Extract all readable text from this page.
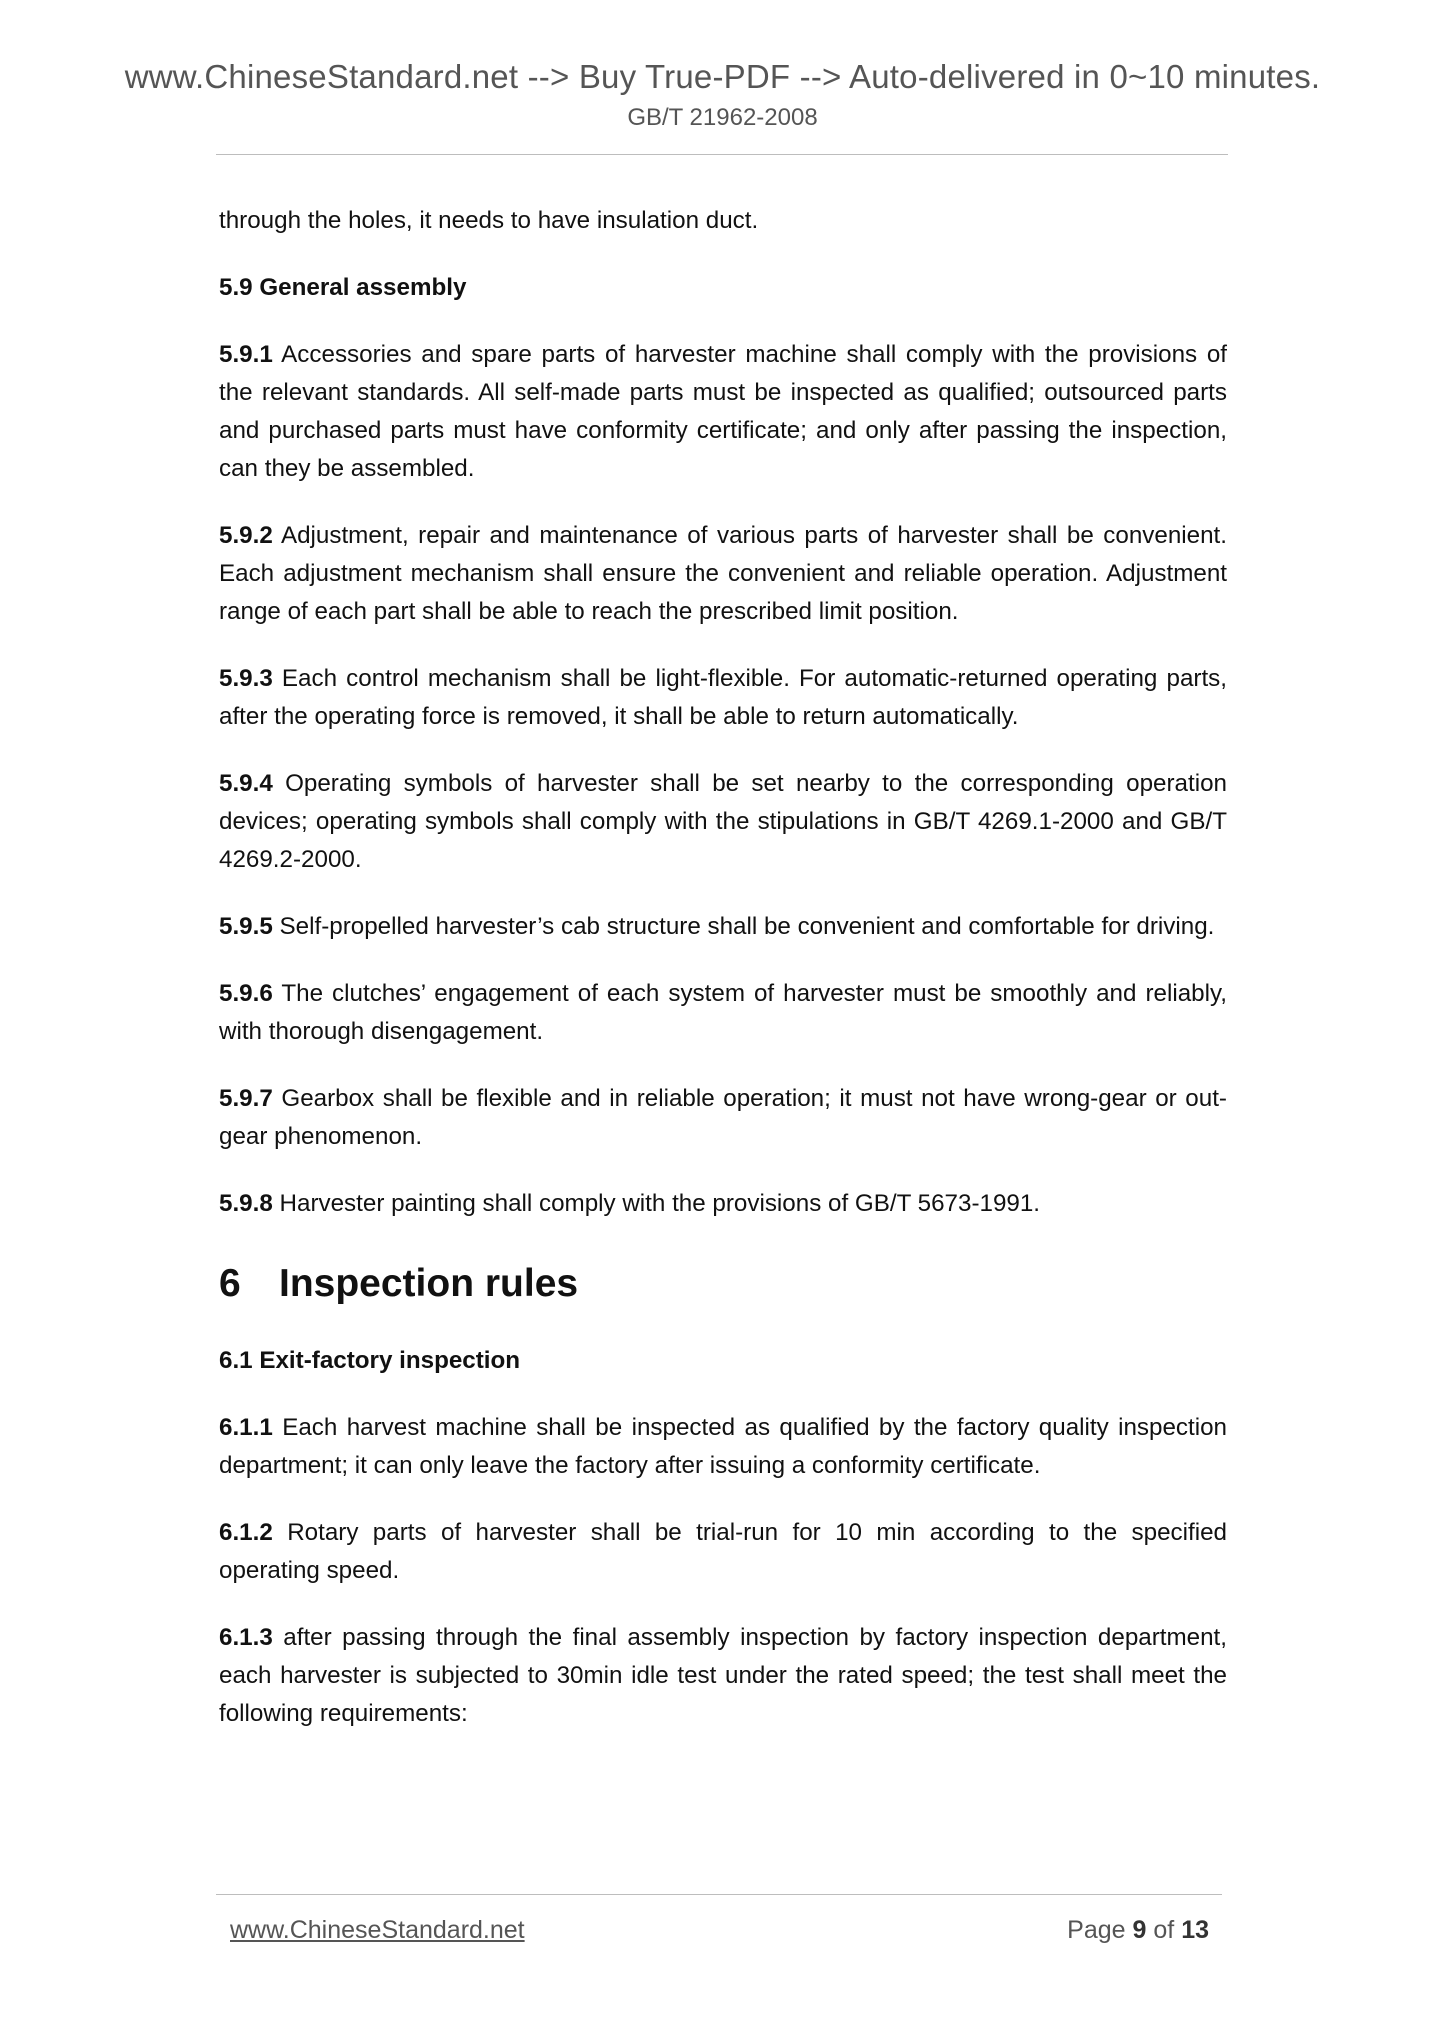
www.ChineseStandard.net --> Buy True-PDF --> Auto-delivered in 0~10 minutes.
GB/T 21962-2008

through the holes, it needs to have insulation duct.

5.9 General assembly

5.9.1 Accessories and spare parts of harvester machine shall comply with the provisions of the relevant standards. All self-made parts must be inspected as qualified; outsourced parts and purchased parts must have conformity certificate; and only after passing the inspection, can they be assembled.

5.9.2 Adjustment, repair and maintenance of various parts of harvester shall be convenient. Each adjustment mechanism shall ensure the convenient and reliable operation. Adjustment range of each part shall be able to reach the prescribed limit position.

5.9.3 Each control mechanism shall be light-flexible. For automatic-returned operating parts, after the operating force is removed, it shall be able to return automatically.

5.9.4 Operating symbols of harvester shall be set nearby to the corresponding operation devices; operating symbols shall comply with the stipulations in GB/T 4269.1-2000 and GB/T 4269.2-2000.

5.9.5 Self-propelled harvester’s cab structure shall be convenient and comfortable for driving.

5.9.6 The clutches’ engagement of each system of harvester must be smoothly and reliably, with thorough disengagement.

5.9.7 Gearbox shall be flexible and in reliable operation; it must not have wrong-gear or out-gear phenomenon.

5.9.8 Harvester painting shall comply with the provisions of GB/T 5673-1991.

6 Inspection rules
6.1 Exit-factory inspection

6.1.1 Each harvest machine shall be inspected as qualified by the factory quality inspection department; it can only leave the factory after issuing a conformity certificate.

6.1.2 Rotary parts of harvester shall be trial-run for 10 min according to the specified operating speed.

6.1.3 after passing through the final assembly inspection by factory inspection department, each harvester is subjected to 30min idle test under the rated speed; the test shall meet the following requirements:

www.ChineseStandard.net	Page 9 of 13
